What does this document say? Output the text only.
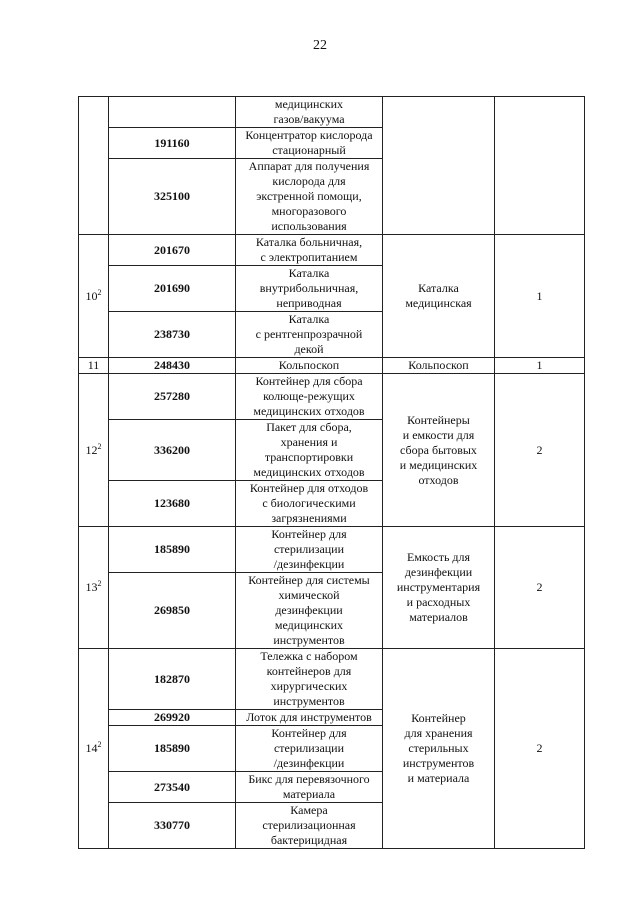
22
		медицинских
газов/вакуума		
	191160	Концентратор кислорода
стационарный		
	325100	Аппарат для получения
кислорода для
экстренной помощи,
многоразового
использования		
$10^2$	201670	Каталка больничная,
с электропитанием	Каталка
медицинская	1
	201690	Каталка
внутрибольничная,
неприводная		
	238730	Каталка
с рентгенпрозрачной
декой		
11	248430	Кольпоскоп	Кольпоскоп	1
$12^2$	257280	Контейнер для сбора
колюще-режущих
медицинских отходов	Контейнеры
и емкости для
сбора бытовых
и медицинских
отходов	2
	336200	Пакет для сбора,
хранения и
транспортировки
медицинских отходов		
	123680	Контейнер для отходов
с биологическими
загрязнениями		
$13^2$	185890	Контейнер для
стерилизации
/дезинфекции	Емкость для
дезинфекции
инструментария
и расходных
материалов	2
	269850	Контейнер для системы
химической
дезинфекции
медицинских
инструментов		
$14^2$	182870	Тележка с набором
контейнеров для
хирургических
инструментов	Контейнер
для хранения
стерильных
инструментов
и материала	2
	269920	Лоток для инструментов		
	185890	Контейнер для
стерилизации
/дезинфекции		
	273540	Бикс для перевязочного
материала		
	330770	Камера
стерилизационная
бактерицидная		
